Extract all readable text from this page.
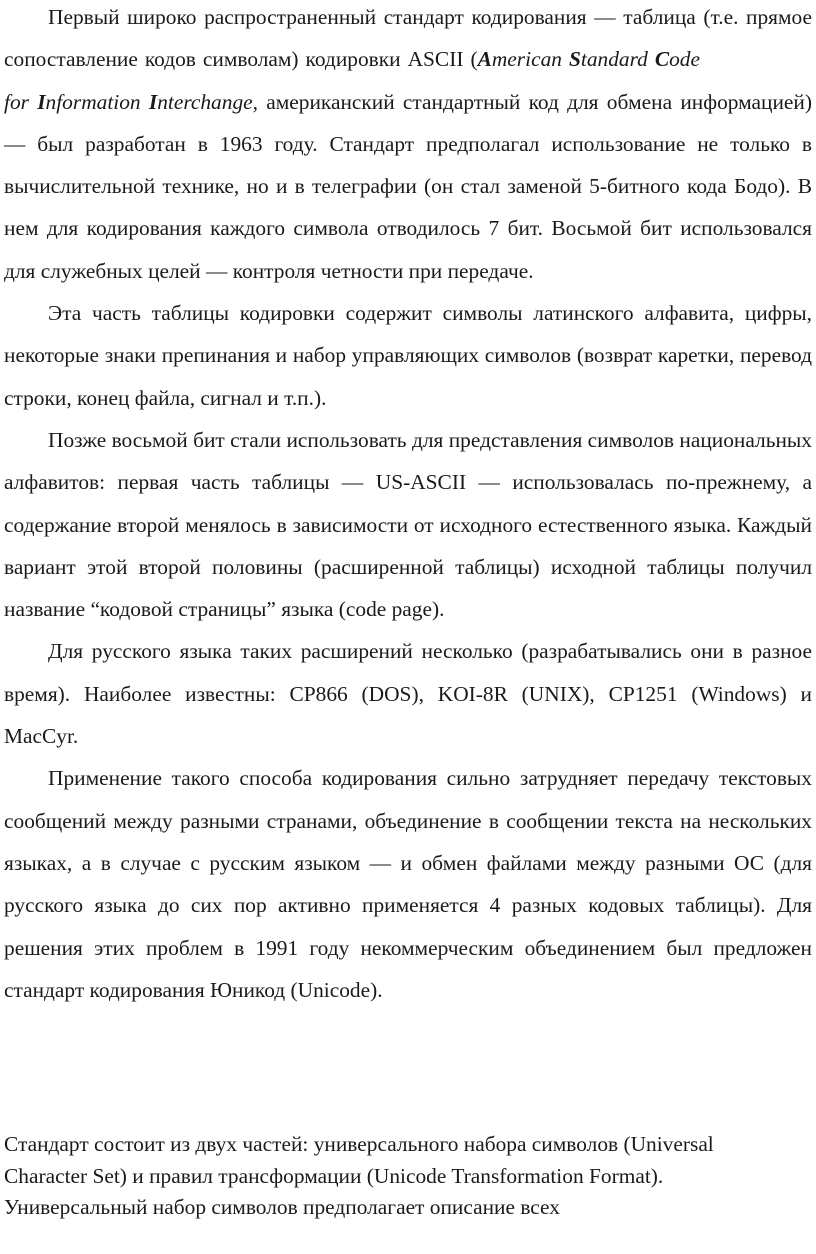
Первый широко распространенный стандарт кодирования — таблица (т.е. прямое сопоставление кодов символам) кодировки ASCII (American Standard Codefor Information Interchange, американский стандартный код для обмена информацией) — был разработан в 1963 году. Стандарт предполагал использование не только в вычислительной технике, но и в телеграфии (он стал заменой 5-битного кода Бодо). В нем для кодирования каждого символа отводилось 7 бит. Восьмой бит использовался для служебных целей — контроля четности при передаче.

Эта часть таблицы кодировки содержит символы латинского алфавита, цифры, некоторые знаки препинания и набор управляющих символов (возврат каретки, перевод строки, конец файла, сигнал и т.п.).

Позже восьмой бит стали использовать для представления символов национальных алфавитов: первая часть таблицы — US-ASCII — использовалась по-прежнему, а содержание второй менялось в зависимости от исходного естественного языка. Каждый вариант этой второй половины (расширенной таблицы) исходной таблицы получил название “кодовой страницы” языка (code page).

Для русского языка таких расширений несколько (разрабатывались они в разное время). Наиболее известны: CP866 (DOS), KOI-8R (UNIX), CP1251 (Windows) и MacCyr.

Применение такого способа кодирования сильно затрудняет передачу текстовых сообщений между разными странами, объединение в сообщении текста на нескольких языках, а в случае с русским языком — и обмен файлами между разными ОС (для русского языка до сих пор активно применяется 4 разных кодовых таблицы). Для решения этих проблем в 1991 году некоммерческим объединением был предложен стандарт кодирования Юникод (Unicode).

Стандарт состоит из двух частей: универсального набора символов (Universal

Character Set) и правил трансформации (Unicode Transformation Format).

Универсальный набор символов предполагает описание всех
